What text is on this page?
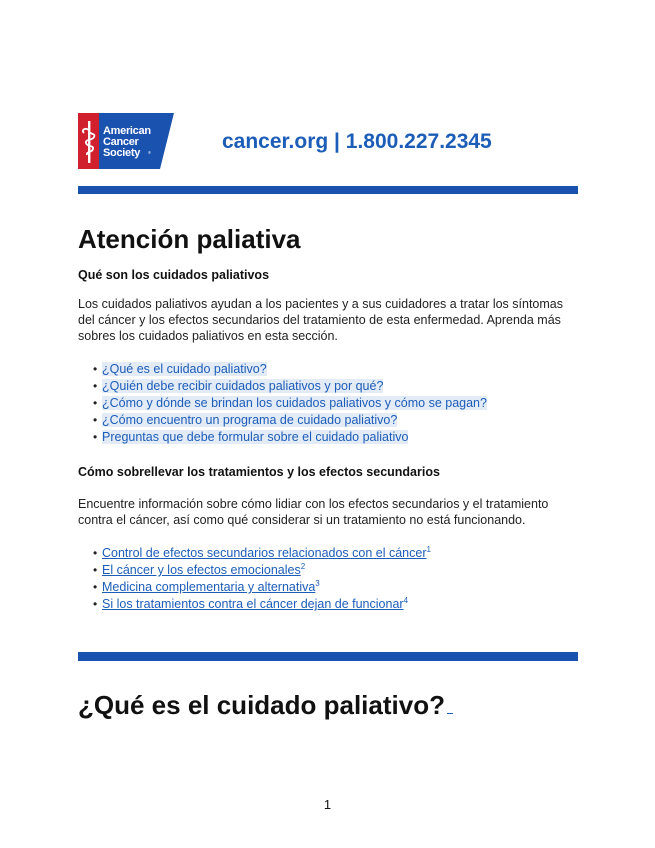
American
Cancer
Society ®	cancer.org | 1.800.227.2345
Atención paliativa
Qué son los cuidados paliativos

Los cuidados paliativos ayudan a los pacientes y a sus cuidadores a tratar los síntomas del cáncer y los efectos secundarios del tratamiento de esta enfermedad. Aprenda más sobres los cuidados paliativos en esta sección.

• ¿Qué es el cuidado paliativo?
• ¿Quién debe recibir cuidados paliativos y por qué?
• ¿Cómo y dónde se brindan los cuidados paliativos y cómo se pagan?
• ¿Cómo encuentro un programa de cuidado paliativo?
• Preguntas que debe formular sobre el cuidado paliativo
Cómo sobrellevar los tratamientos y los efectos secundarios

Encuentre información sobre cómo lidiar con los efectos secundarios y el tratamiento contra el cáncer, así como qué considerar si un tratamiento no está funcionando.

• Control de efectos secundarios relacionados con el cáncer$^1$
• El cáncer y los efectos emocionales$^2$
• Medicina complementaria y alternativa$^3$
• Si los tratamientos contra el cáncer dejan de funcionar$^4$
¿Qué es el cuidado paliativo?
1
